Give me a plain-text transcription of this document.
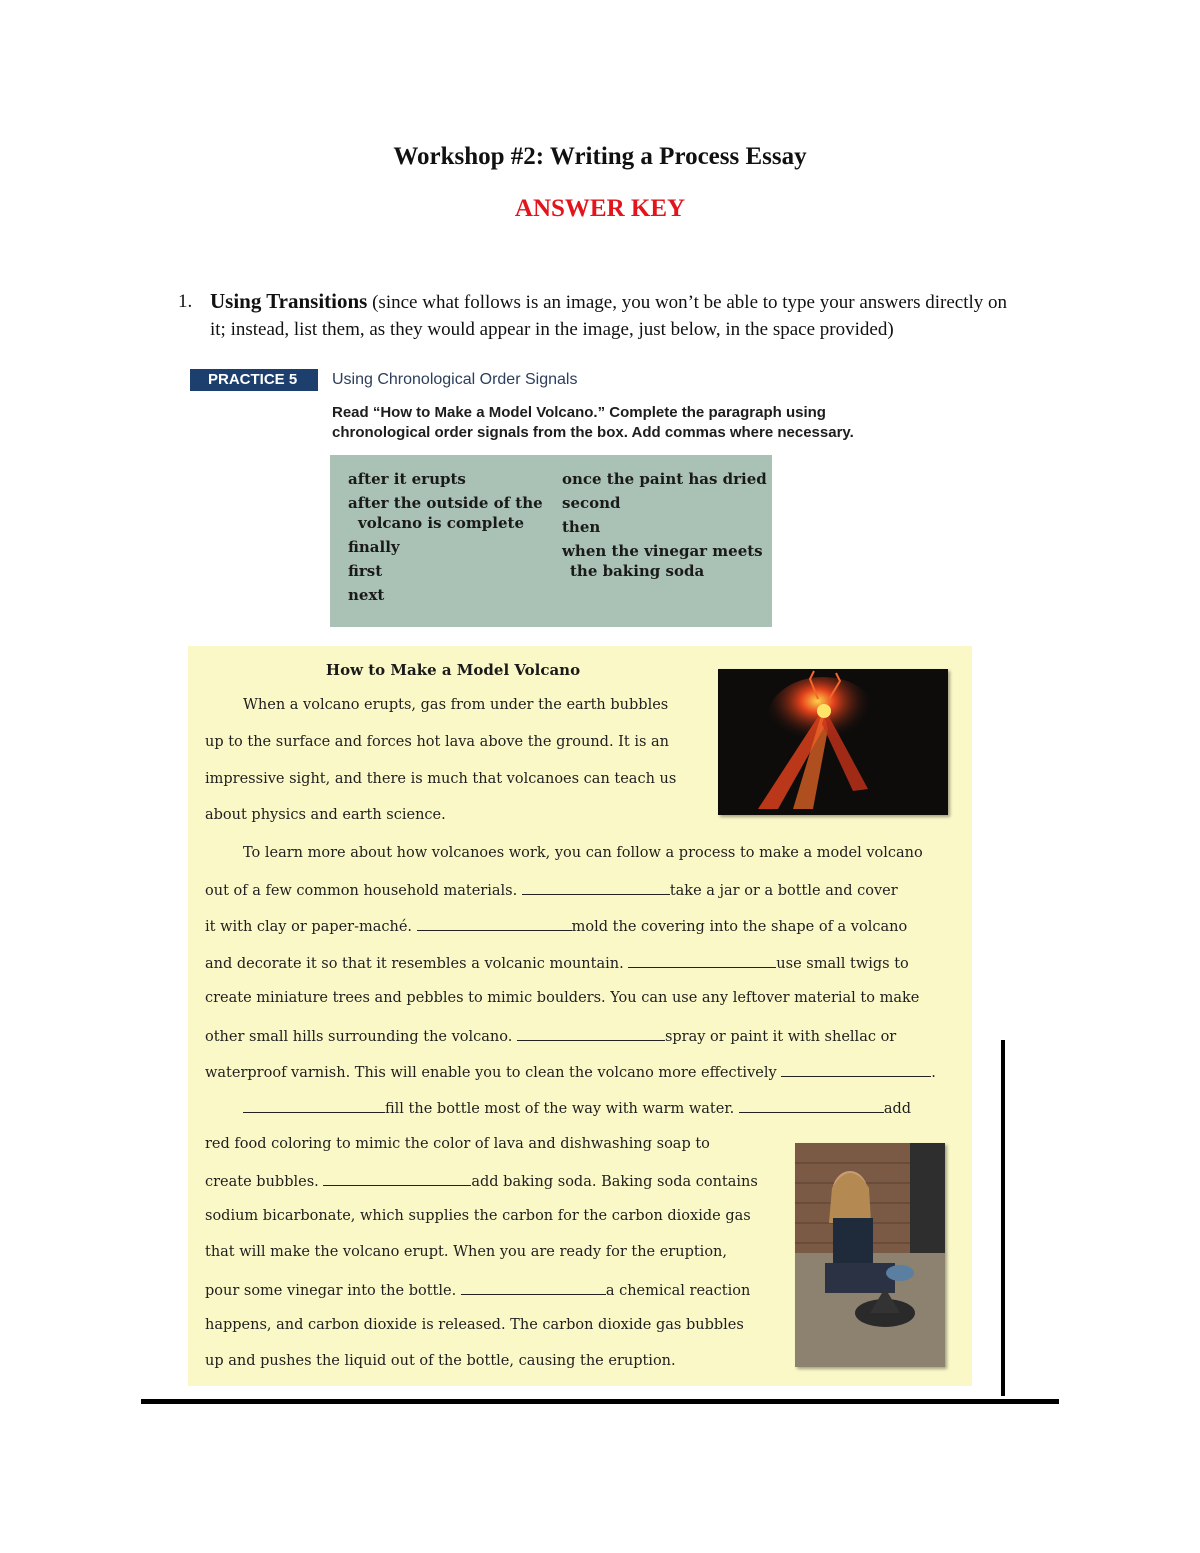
Workshop #2: Writing a Process Essay
ANSWER KEY
1. Using Transitions (since what follows is an image, you won’t be able to type your answers directly on
it; instead, list them, as they would appear in the image, just below, in the space provided)
PRACTICE 5	Using Chronological Order Signals
Read “How to Make a Model Volcano.” Complete the paragraph using
chronological order signals from the box. Add commas where necessary.
after it erupts
after the outside of the
volcano is complete
finally
first
next
once the paint has dried
second
then
when the vinegar meets
the baking soda
How to Make a Model Volcano
When a volcano erupts, gas from under the earth bubbles
up to the surface and forces hot lava above the ground. It is an
impressive sight, and there is much that volcanoes can teach us
about physics and earth science.
To learn more about how volcanoes work, you can follow a process to make a model volcano
out of a few common household materials.	take a jar or a bottle and cover
it with clay or paper-maché.	mold the covering into the shape of a volcano
and decorate it so that it resembles a volcanic mountain.	use small twigs to
create miniature trees and pebbles to mimic boulders. You can use any leftover material to make
other small hills surrounding the volcano.	spray or paint it with shellac or
waterproof varnish. This will enable you to clean the volcano more effectively	.
fill the bottle most of the way with warm water.	add
red food coloring to mimic the color of lava and dishwashing soap to
create bubbles.	add baking soda. Baking soda contains
sodium bicarbonate, which supplies the carbon for the carbon dioxide gas
that will make the volcano erupt. When you are ready for the eruption,
pour some vinegar into the bottle.	a chemical reaction
happens, and carbon dioxide is released. The carbon dioxide gas bubbles
up and pushes the liquid out of the bottle, causing the eruption.
